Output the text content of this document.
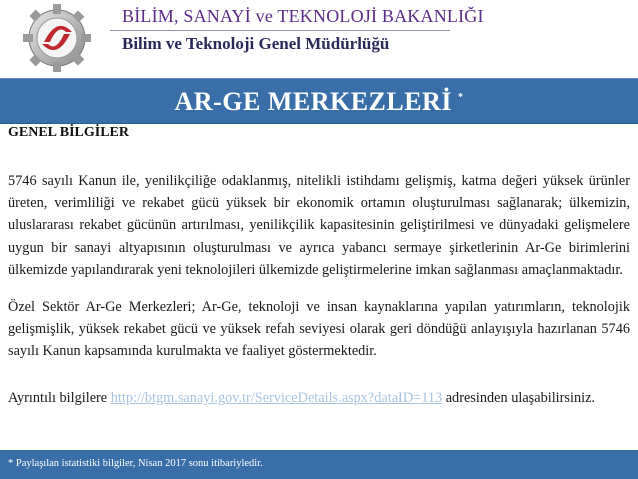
BİLİM, SANAYİ ve TEKNOLOJİ BAKANLIĞI
Bilim ve Teknoloji Genel Müdürlüğü
AR-GE MERKEZLERİ *
GENEL BİLGİLER
5746 sayılı Kanun ile, yenilikçiliğe odaklanmış, nitelikli istihdamı gelişmiş, katma değeri yüksek ürünler üreten, verimliliği ve rekabet gücü yüksek bir ekonomik ortamın oluşturulması sağlanarak; ülkemizin, uluslararası rekabet gücünün artırılması, yenilikçilik kapasitesinin geliştirilmesi ve dünyadaki gelişmelere uygun bir sanayi altyapısının oluşturulması ve ayrıca yabancı sermaye şirketlerinin Ar-Ge birimlerini ülkemizde yapılandırarak yeni teknolojileri ülkemizde geliştirmelerine imkan sağlanması amaçlanmaktadır.
Özel Sektör Ar-Ge Merkezleri; Ar-Ge, teknoloji ve insan kaynaklarına yapılan yatırımların, teknolojik gelişmişlik, yüksek rekabet gücü ve yüksek refah seviyesi olarak geri döndüğü anlayışıyla hazırlanan 5746 sayılı Kanun kapsamında kurulmakta ve faaliyet göstermektedir.
Ayrıntılı bilgilere http://btgm.sanayi.gov.tr/ServiceDetails.aspx?dataID=113 adresinden ulaşabilirsiniz.
* Paylaşılan istatistiki bilgiler, Nisan 2017 sonu itibariyledir.
